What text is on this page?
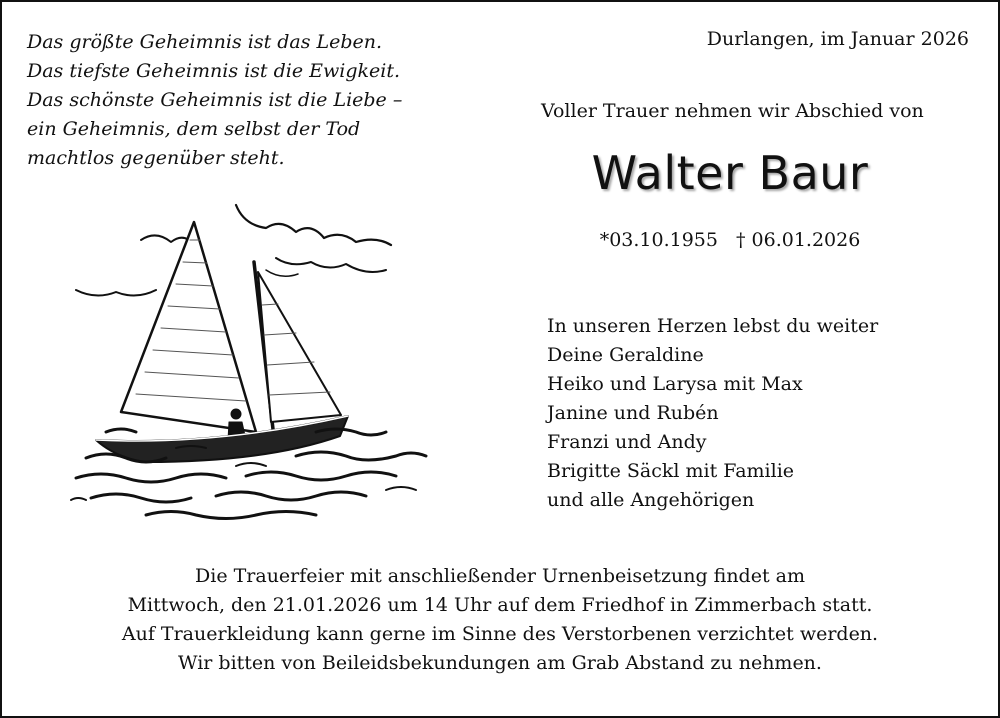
Das größte Geheimnis ist das Leben.
Das tiefste Geheimnis ist die Ewigkeit.
Das schönste Geheimnis ist die Liebe –
ein Geheimnis, dem selbst der Tod
machtlos gegenüber steht.
Durlangen, im Januar 2026
Voller Trauer nehmen wir Abschied von
Walter Baur
*03.10.1955 † 06.01.2026
In unseren Herzen lebst du weiter
Deine Geraldine
Heiko und Larysa mit Max
Janine und Rubén
Franzi und Andy
Brigitte Säckl mit Familie
und alle Angehörigen
Die Trauerfeier mit anschließender Urnenbeisetzung findet am
Mittwoch, den 21.01.2026 um 14 Uhr auf dem Friedhof in Zimmerbach statt.
Auf Trauerkleidung kann gerne im Sinne des Verstorbenen verzichtet werden.
Wir bitten von Beileidsbekundungen am Grab Abstand zu nehmen.
